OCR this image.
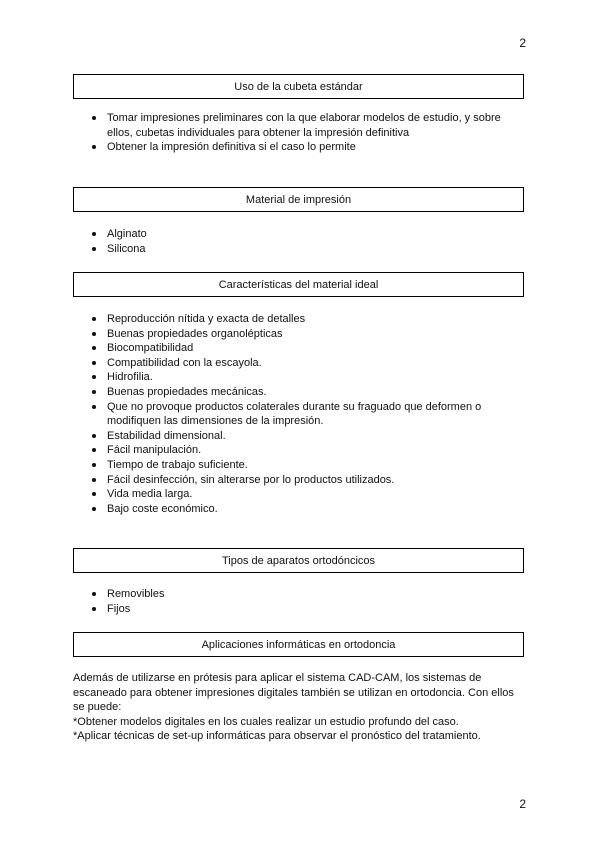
2
Uso de la cubeta estándar
Tomar impresiones preliminares con la que elaborar modelos de estudio, y sobre ellos, cubetas individuales para obtener la impresión definitiva
Obtener la impresión definitiva si el caso lo permite
Material de impresión
Alginato
Silicona
Características del material ideal
Reproducción nítida y exacta de detalles
Buenas propiedades organolépticas
Biocompatibilidad
Compatibilidad con la escayola.
Hidrofilia.
Buenas propiedades mecánicas.
Que no provoque productos colaterales durante su fraguado que deformen o modifiquen las dimensiones de la impresión.
Estabilidad dimensional.
Fácil manipulación.
Tiempo de trabajo suficiente.
Fácil desinfección, sin alterarse por lo productos utilizados.
Vida media larga.
Bajo coste económico.
Tipos de aparatos ortodóncicos
Removibles
Fijos
Aplicaciones informáticas en ortodoncia

Además de utilizarse en prótesis para aplicar el sistema CAD-CAM, los sistemas de escaneado para obtener impresiones digitales también se utilizan en ortodoncia. Con ellos se puede:

*Obtener modelos digitales en los cuales realizar un estudio profundo del caso.

*Aplicar técnicas de set-up informáticas para observar el pronóstico del tratamiento.

2
